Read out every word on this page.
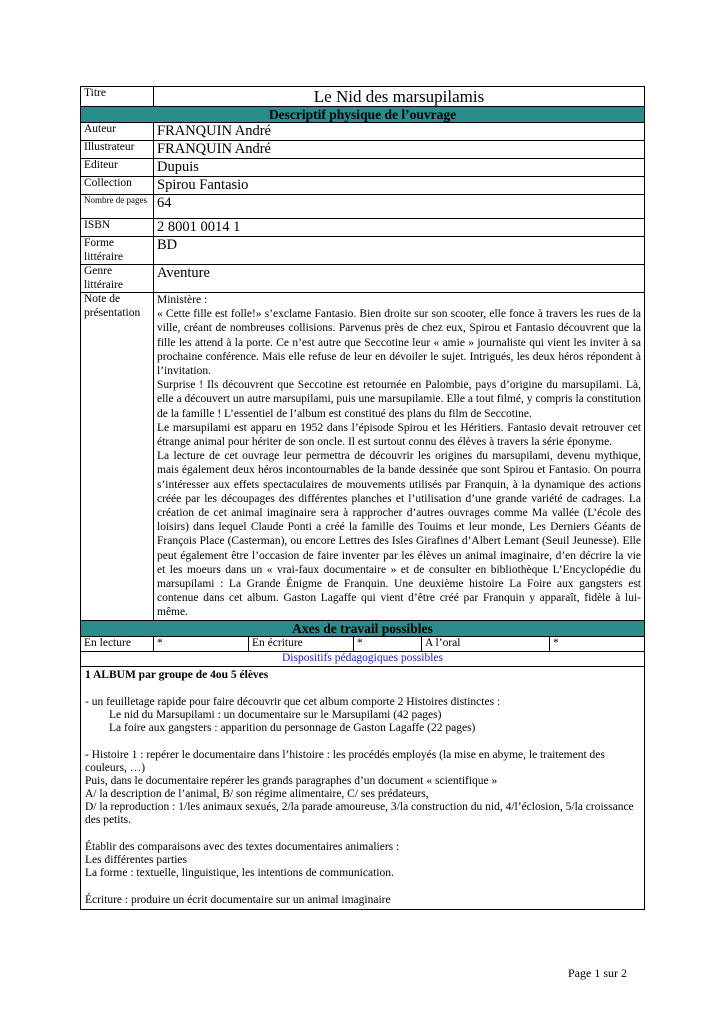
Titre	Le Nid des marsupilamis
Descriptif physique de l’ouvrage	
Auteur	FRANQUIN André
Illustrateur	FRANQUIN André
Editeur	Dupuis
Collection	Spirou Fantasio
Nombre de pages	64
ISBN	2 8001 0014 1
Forme littéraire	BD
Genre littéraire	Aventure
Note de présentation	Ministère :

« Cette fille est folle!» s’exclame Fantasio. Bien droite sur son scooter, elle fonce à travers les rues de la ville, créant de nombreuses collisions. Parvenus près de chez eux, Spirou et Fantasio découvrent que la fille les attend à la porte. Ce n’est autre que Seccotine leur « amie » journaliste qui vient les inviter à sa prochaine conférence. Mais elle refuse de leur en dévoiler le sujet. Intrigués, les deux héros répondent à l’invitation.

Surprise ! Ils découvrent que Seccotine est retournée en Palombie, pays d’origine du marsupilami. Là, elle a découvert un autre marsupilami, puis une marsupilamie. Elle a tout filmé, y compris la constitution de la famille ! L’essentiel de l’album est constitué des plans du film de Seccotine.

Le marsupilami est apparu en 1952 dans l’épisode Spirou et les Héritiers. Fantasio devait retrouver cet étrange animal pour hériter de son oncle. Il est surtout connu des élèves à travers la série éponyme.

La lecture de cet ouvrage leur permettra de découvrir les origines du marsupilami, devenu mythique, mais également deux héros incontournables de la bande dessinée que sont Spirou et Fantasio. On pourra s’intéresser aux effets spectaculaires de mouvements utilisés par Franquin, à la dynamique des actions créée par les découpages des différentes planches et l’utilisation d’une grande variété de cadrages. La création de cet animal imaginaire sera à rapprocher d’autres ouvrages comme Ma vallée (L’école des loisirs) dans lequel Claude Ponti a créé la famille des Touims et leur monde, Les Derniers Géants de François Place (Casterman), ou encore Lettres des Isles Girafines d’Albert Lemant (Seuil Jeunesse). Elle peut également être l’occasion de faire inventer par les élèves un animal imaginaire, d’en décrire la vie et les moeurs dans un « vrai-faux documentaire » et de consulter en bibliothèque L’Encyclopédie du marsupilami : La Grande Énigme de Franquin. Une deuxième histoire La Foire aux gangsters est contenue dans cet album. Gaston Lagaffe qui vient d’être créé par Franquin y apparaît, fidèle à lui-même.

Axes de travail possibles	
En lecture	*	En écriture	*	A l’oral	*
Dispositifs pédagogiques possibles

1 ALBUM par groupe de 4ou 5 élèves

- un feuilletage rapide pour faire découvrir que cet album comporte 2 Histoires distinctes :

Le nid du Marsupilami : un documentaire sur le Marsupilami (42 pages)

La foire aux gangsters : apparition du personnage de Gaston Lagaffe (22 pages)

- Histoire 1 : repérer le documentaire dans l’histoire : les procédés employés (la mise en abyme, le traitement des couleurs, …)

Puis, dans le documentaire repérer les grands paragraphes d’un document « scientifique »

A/ la description de l’animal, B/ son régime alimentaire, C/ ses prédateurs,

D/ la reproduction : 1/les animaux sexués, 2/la parade amoureuse, 3/la construction du nid, 4/l’éclosion, 5/la croissance des petits.

Établir des comparaisons avec des textes documentaires animaliers :

Les différentes parties

La forme : textuelle, linguistique, les intentions de communication.

Écriture : produire un écrit documentaire sur un animal imaginaire

Page 1 sur 2
